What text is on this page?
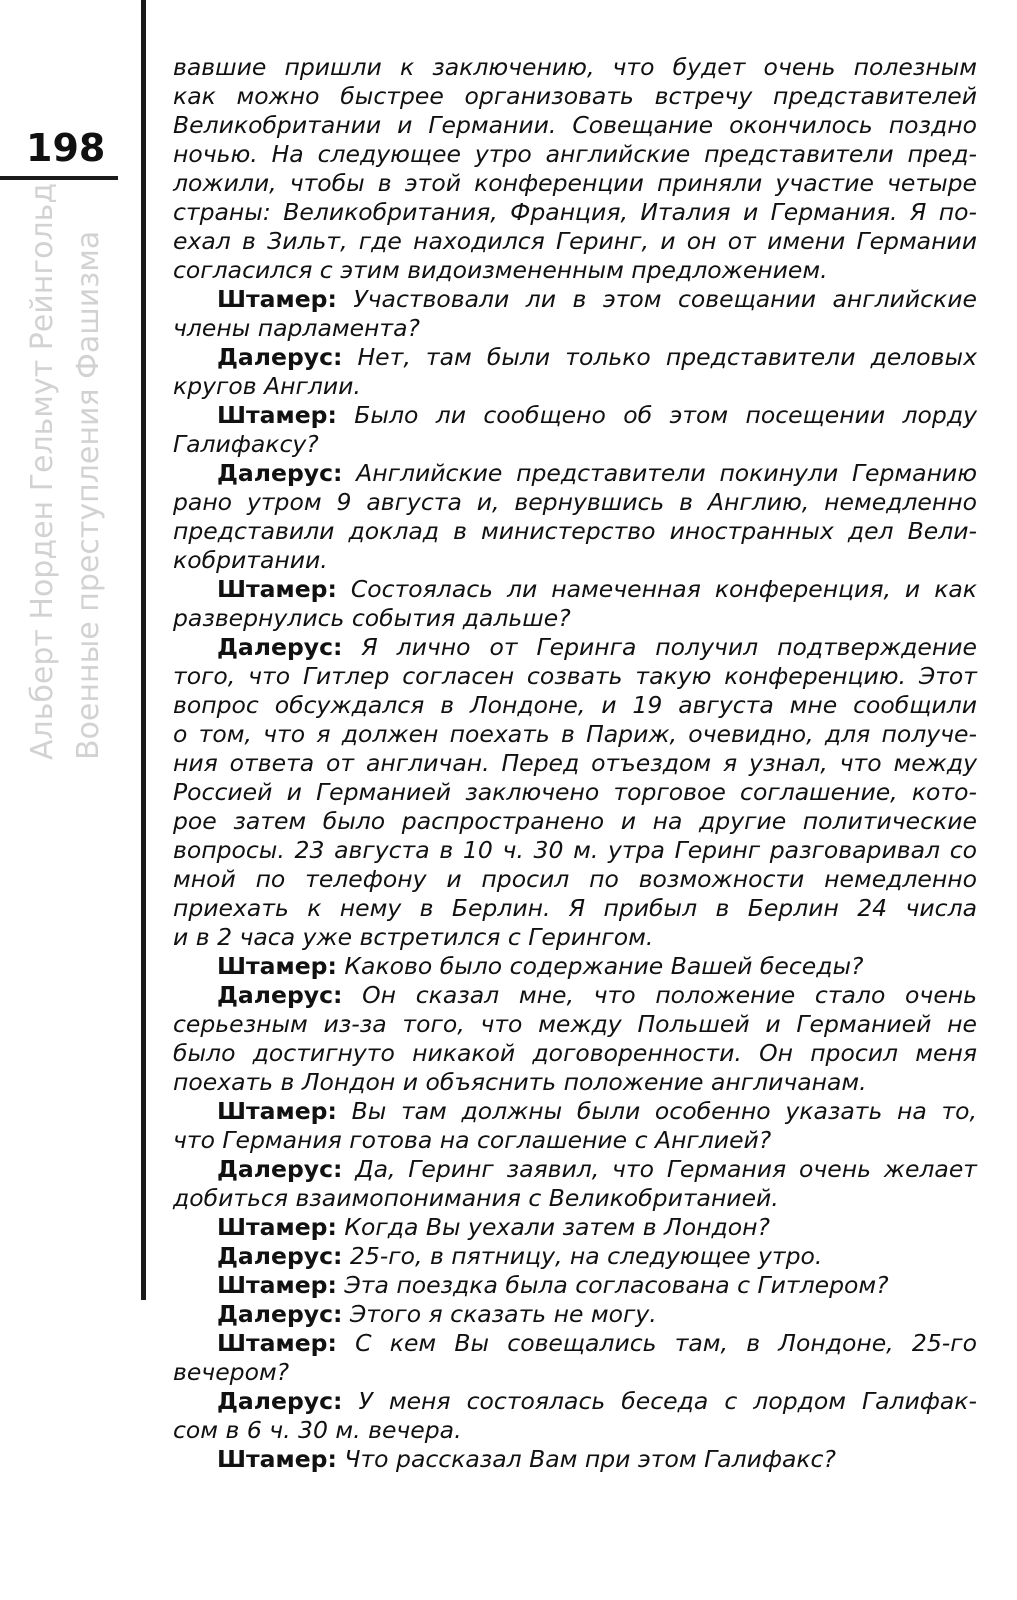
198
Альберт Норден Гельмут Рейнгольд Военные преступления Фашизма

вавшие пришли к заключению, что будет очень полезным
как можно быстрее организовать встречу представителей
Великобритании и Германии. Совещание окончилось поздно
ночью. На следующее утро английские представители пред-
ложили, чтобы в этой конференции приняли участие четыре
страны: Великобритания, Франция, Италия и Германия. Я по-
ехал в Зильт, где находился Геринг, и он от имени Германии
согласился с этим видоизмененным предложением.

Штамер: Участвовали ли в этом совещании английские
члены парламента?

Далерус: Нет, там были только представители деловых
кругов Англии.

Штамер: Было ли сообщено об этом посещении лорду
Галифаксу?

Далерус: Английские представители покинули Германию
рано утром 9 августа и, вернувшись в Англию, немедленно
представили доклад в министерство иностранных дел Вели-
кобритании.

Штамер: Состоялась ли намеченная конференция, и как
развернулись события дальше?

Далерус: Я лично от Геринга получил подтверждение
того, что Гитлер согласен созвать такую конференцию. Этот
вопрос обсуждался в Лондоне, и 19 августа мне сообщили
о том, что я должен поехать в Париж, очевидно, для получе-
ния ответа от англичан. Перед отъездом я узнал, что между
Россией и Германией заключено торговое соглашение, кото-
рое затем было распространено и на другие политические
вопросы. 23 августа в 10 ч. 30 м. утра Геринг разговаривал со
мной по телефону и просил по возможности немедленно
приехать к нему в Берлин. Я прибыл в Берлин 24 числа
и в 2 часа уже встретился с Герингом.

Штамер: Каково было содержание Вашей беседы?

Далерус: Он сказал мне, что положение стало очень
серьезным из-за того, что между Польшей и Германией не
было достигнуто никакой договоренности. Он просил меня
поехать в Лондон и объяснить положение англичанам.

Штамер: Вы там должны были особенно указать на то,
что Германия готова на соглашение с Англией?

Далерус: Да, Геринг заявил, что Германия очень желает
добиться взаимопонимания с Великобританией.

Штамер: Когда Вы уехали затем в Лондон?

Далерус: 25-го, в пятницу, на следующее утро.

Штамер: Эта поездка была согласована с Гитлером?

Далерус: Этого я сказать не могу.

Штамер: С кем Вы совещались там, в Лондоне, 25-го
вечером?

Далерус: У меня состоялась беседа с лордом Галифак-
сом в 6 ч. 30 м. вечера.

Штамер: Что рассказал Вам при этом Галифакс?
